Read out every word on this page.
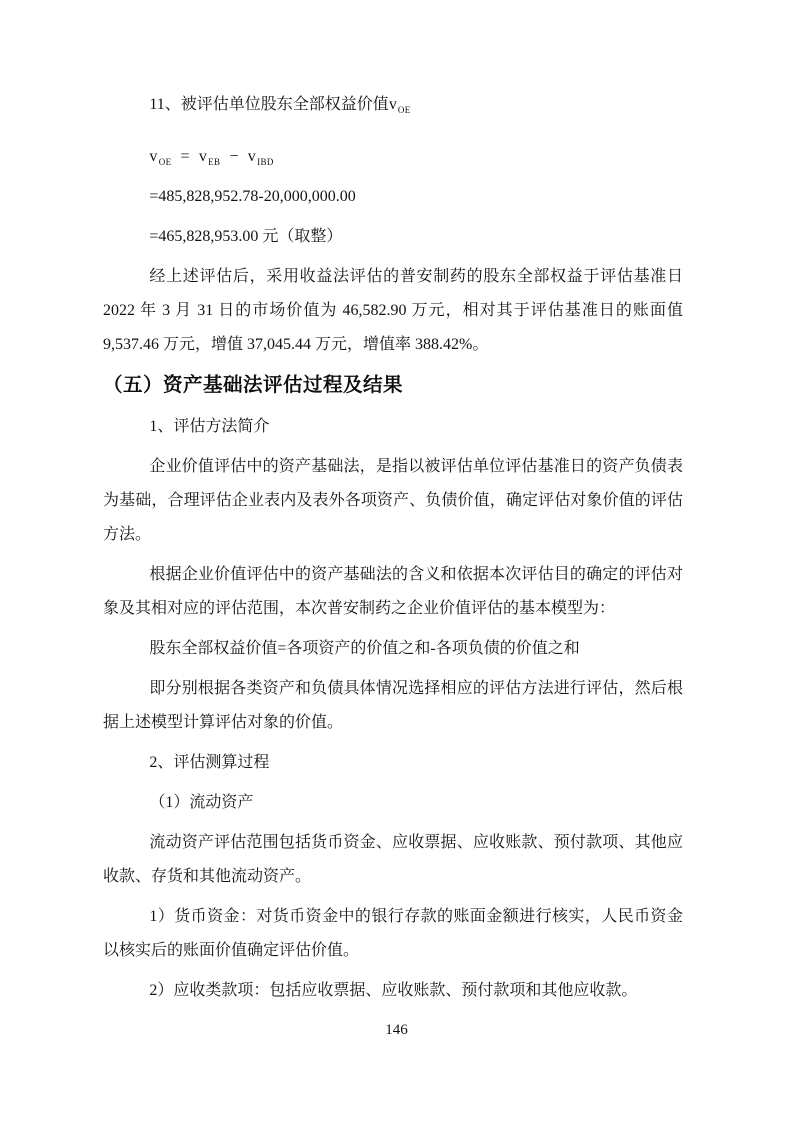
11、被评估单位股东全部权益价值$v_{OE}$

$v_{OE} = v_{EB} - v_{IBD}$

=485,828,952.78-20,000,000.00

=465,828,953.00 元（取整）

经上述评估后，采用收益法评估的普安制药的股东全部权益于评估基准日 2022 年 3 月 31 日的市场价值为 46,582.90 万元，相对其于评估基准日的账面值 9,537.46 万元，增值 37,045.44 万元，增值率 388.42%。

（五）资产基础法评估过程及结果

1、评估方法简介

企业价值评估中的资产基础法，是指以被评估单位评估基准日的资产负债表为基础，合理评估企业表内及表外各项资产、负债价值，确定评估对象价值的评估方法。

根据企业价值评估中的资产基础法的含义和依据本次评估目的确定的评估对象及其相对应的评估范围，本次普安制药之企业价值评估的基本模型为：

股东全部权益价值=各项资产的价值之和-各项负债的价值之和

即分别根据各类资产和负债具体情况选择相应的评估方法进行评估，然后根据上述模型计算评估对象的价值。

2、评估测算过程

（1）流动资产

流动资产评估范围包括货币资金、应收票据、应收账款、预付款项、其他应收款、存货和其他流动资产。

1）货币资金：对货币资金中的银行存款的账面金额进行核实，人民币资金以核实后的账面价值确定评估价值。

2）应收类款项：包括应收票据、应收账款、预付款项和其他应收款。

146
